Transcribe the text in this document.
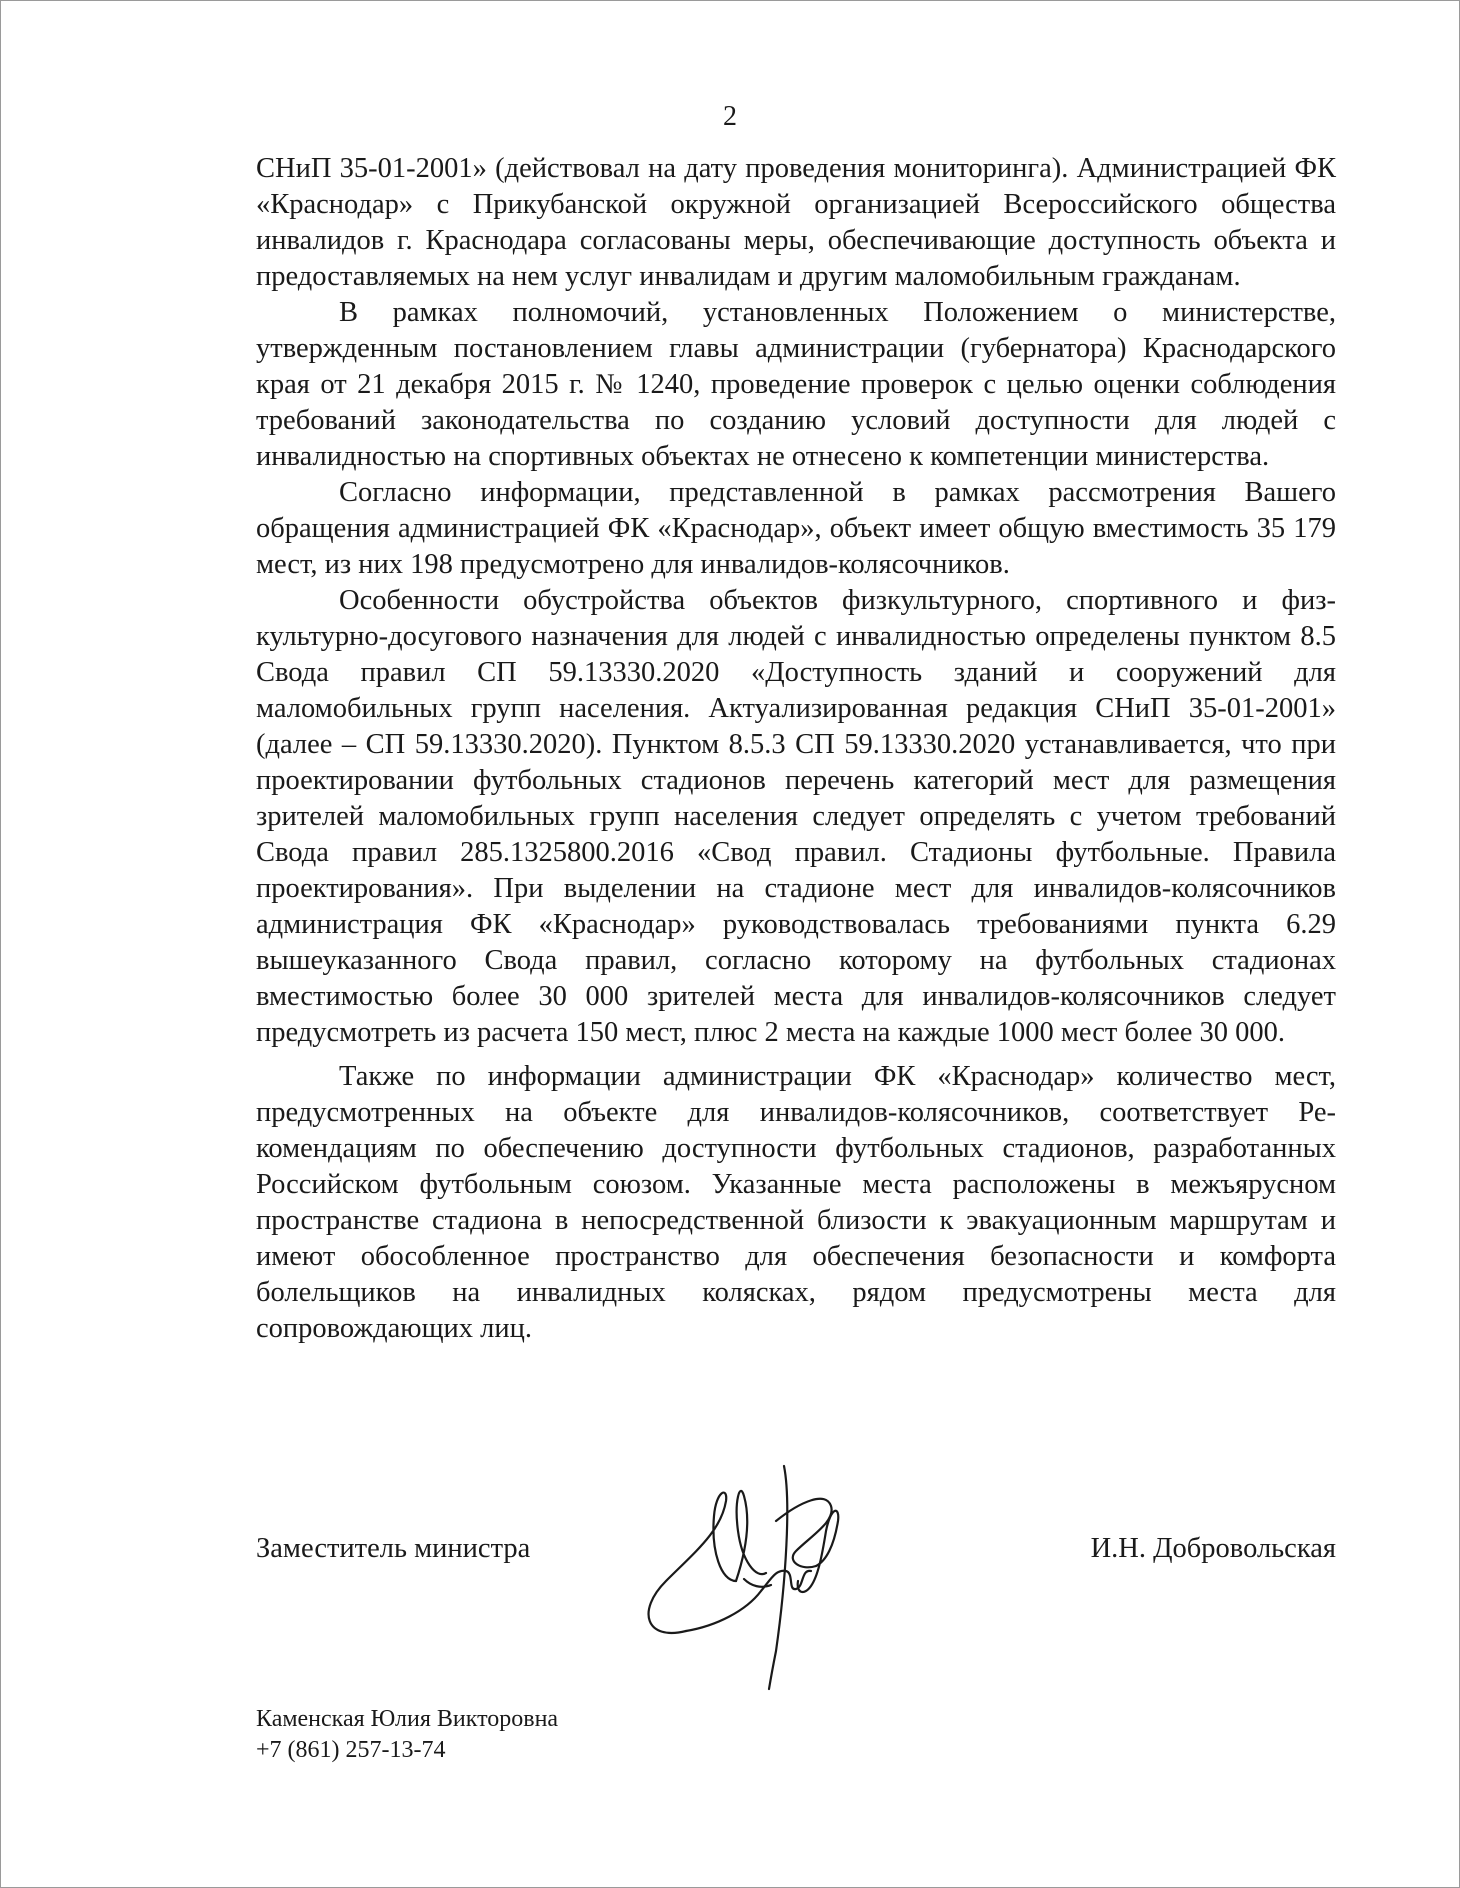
2

СНиП 35-01-2001» (действовал на дату проведения мониторинга). Администрацией ФК «Краснодар» с Прикубанской окружной организацией Всероссийского общества инвалидов г. Краснодара согласованы меры, обеспечивающие доступность объекта и предоставляемых на нем услуг инвалидам и другим маломобильным гражданам.

В рамках полномочий, установленных Положением о министерстве, утвержденным постановлением главы администрации (губернатора) Краснодарского края от 21 декабря 2015 г. № 1240, проведение проверок с целью оценки соблюдения требований законодательства по созданию условий доступности для людей с инвалидностью на спортивных объектах не отнесено к компетенции министерства.

Согласно информации, представленной в рамках рассмотрения Вашего обращения администрацией ФК «Краснодар», объект имеет общую вместимость 35 179 мест, из них 198 предусмотрено для инвалидов-колясочников.

Особенности обустройства объектов физкультурного, спортивного и физкультурно-досугового назначения для людей с инвалидностью определены пунктом 8.5 Свода правил СП 59.13330.2020 «Доступность зданий и сооружений для маломобильных групп населения. Актуализированная редакция СНиП 35-01-2001» (далее – СП 59.13330.2020). Пунктом 8.5.3 СП 59.13330.2020 устанавливается, что при проектировании футбольных стадионов перечень категорий мест для размещения зрителей маломобильных групп населения следует определять с учетом требований Свода правил 285.1325800.2016 «Свод правил. Стадионы футбольные. Правила проектирования». При выделении на стадионе мест для инвалидов-колясочников администрация ФК «Краснодар» руководствовалась требованиями пункта 6.29 вышеуказанного Свода правил, согласно которому на футбольных стадионах вместимостью более 30 000 зрителей места для инвалидов-колясочников следует предусмотреть из расчета 150 мест, плюс 2 места на каждые 1000 мест более 30 000.

Также по информации администрации ФК «Краснодар» количество мест, предусмотренных на объекте для инвалидов-колясочников, соответствует Рекомендациям по обеспечению доступности футбольных стадионов, разработанных Российском футбольным союзом. Указанные места расположены в межъярусном пространстве стадиона в непосредственной близости к эвакуационным маршрутам и имеют обособленное пространство для обеспечения безопасности и комфорта болельщиков на инвалидных колясках, рядом предусмотрены места для сопровождающих лиц.

Заместитель министра	И.Н. Добровольская
Каменская Юлия Викторовна
+7 (861) 257-13-74
